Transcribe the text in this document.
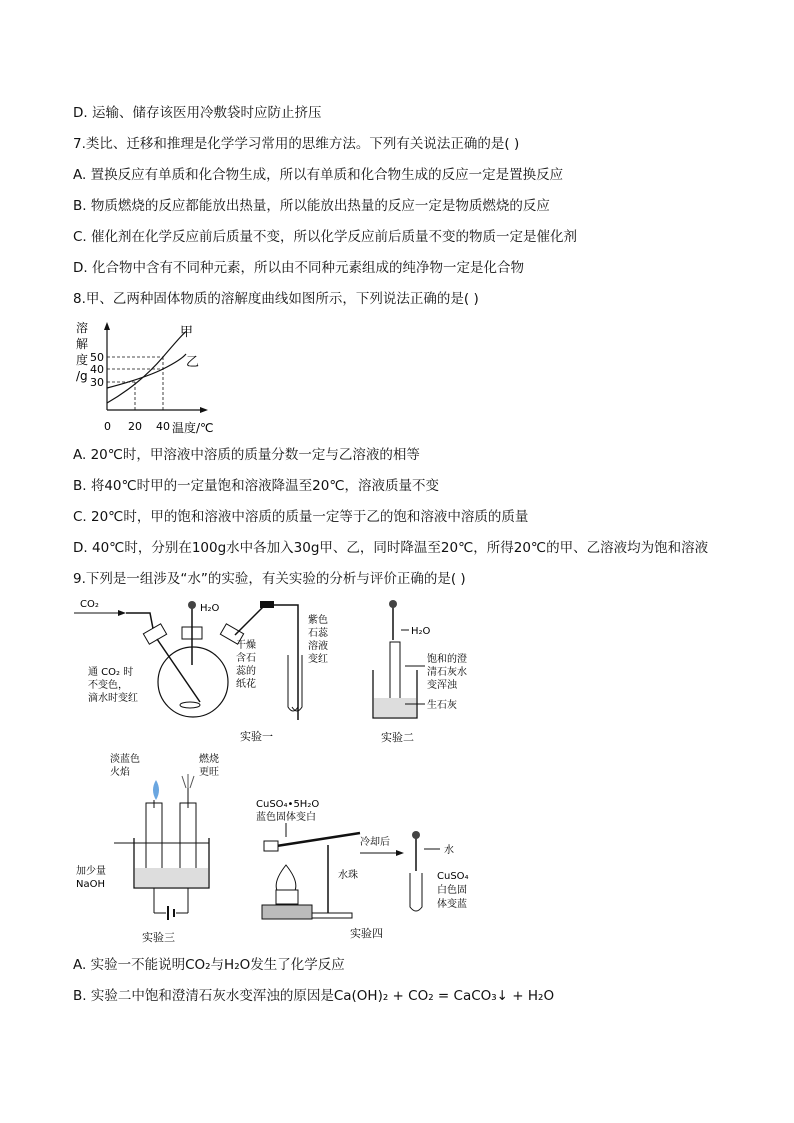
D. 运输、储存该医用冷敷袋时应防止挤压
7.类比、迁移和推理是化学学习常用的思维方法。下列有关说法正确的是( )
A. 置换反应有单质和化合物生成，所以有单质和化合物生成的反应一定是置换反应
B. 物质燃烧的反应都能放出热量，所以能放出热量的反应一定是物质燃烧的反应
C. 催化剂在化学反应前后质量不变，所以化学反应前后质量不变的物质一定是催化剂
D. 化合物中含有不同种元素，所以由不同种元素组成的纯净物一定是化合物
8.甲、乙两种固体物质的溶解度曲线如图所示，下列说法正确的是( )
溶
解
度
/g
50
40
30
甲
乙
0 20 40 温度/℃
A. 20℃时，甲溶液中溶质的质量分数一定与乙溶液的相等
B. 将40℃时甲的一定量饱和溶液降温至20℃，溶液质量不变
C. 20℃时，甲的饱和溶液中溶质的质量一定等于乙的饱和溶液中溶质的质量
D. 40℃时，分别在100g水中各加入30g甲、乙，同时降温至20℃，所得20℃的甲、乙溶液均为饱和溶液
9.下列是一组涉及“水”的实验，有关实验的分析与评价正确的是( )
CO₂	H₂O
通 CO₂ 时
不变色，
滴水时变红
干燥
含石
蕊的
纸花
紫色
石蕊
溶液
变红
实验一
H₂O
饱和的澄
清石灰水
变浑浊
生石灰
实验二
淡蓝色
火焰
燃烧
更旺
加少量
NaOH
实验三
CuSO₄•5H₂O
蓝色固体变白
水珠
冷却后
水
CuSO₄
白色固
体变蓝
实验四
A. 实验一不能说明CO₂与H₂O发生了化学反应
B. 实验二中饱和澄清石灰水变浑浊的原因是Ca(OH)₂ + CO₂ = CaCO₃↓ + H₂O
